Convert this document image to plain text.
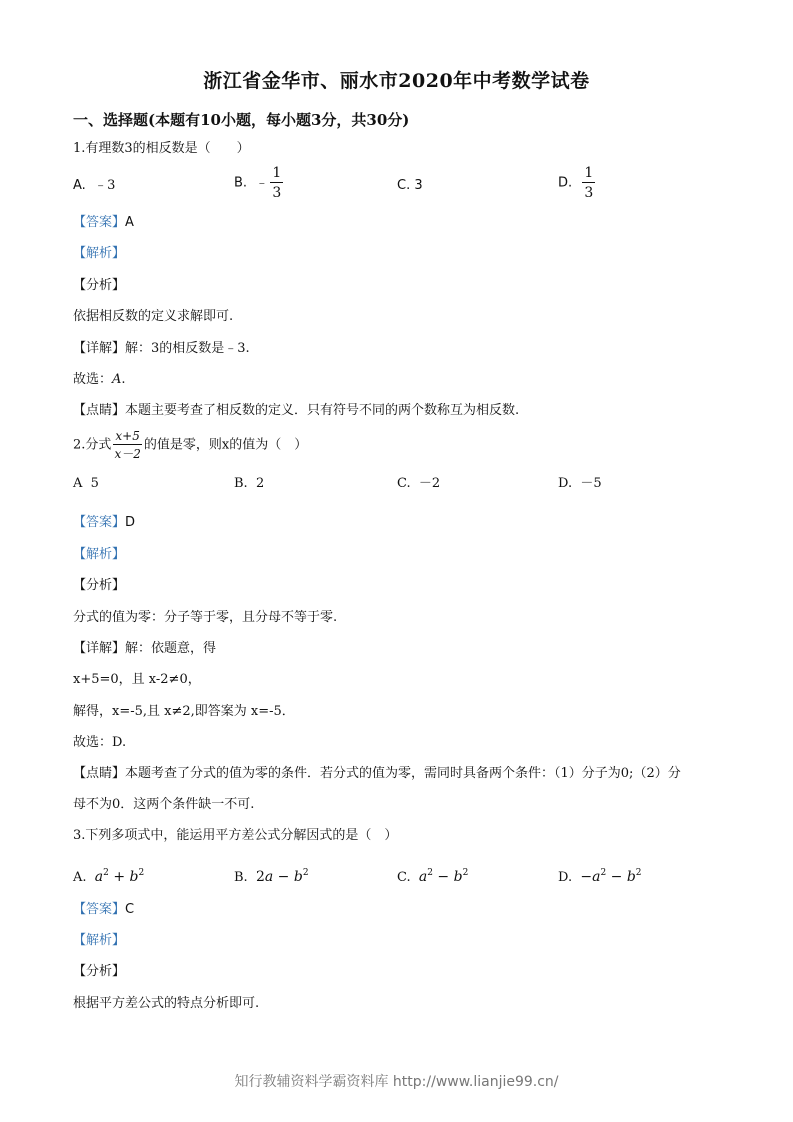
浙江省金华市、丽水市2020年中考数学试卷
一、选择题(本题有10小题，每小题3分，共30分)
1.有理数3的相反数是（　　）
A. ﹣3	B. ﹣ $\frac{1}{3}$	C. 3	D. $\frac{1}{3}$
【答案】A
【解析】
【分析】
依据相反数的定义求解即可.
【详解】解：3的相反数是﹣3.
故选：A.
【点睛】本题主要考查了相反数的定义．只有符号不同的两个数称互为相反数.
2.分式 $\frac{x+5}{x-2}$ 的值是零，则x的值为（　）
A 5	B. 2	C. －2	D. －5
【答案】D
【解析】
【分析】
分式的值为零：分子等于零，且分母不等于零.
【详解】解：依题意，得
x+5=0，且 x-2≠0，
解得，x=-5,且 x≠2,即答案为 x=-5．
故选：D.
【点睛】本题考查了分式的值为零的条件．若分式的值为零，需同时具备两个条件：（1）分子为0;（2）分
母不为0．这两个条件缺一不可.
3.下列多项式中，能运用平方差公式分解因式的是（　）
A. $a^2 + b^2$	B. $2a - b^2$	C. $a^2 - b^2$	D. $-a^2 - b^2$
【答案】C
【解析】
【分析】
根据平方差公式的特点分析即可.
知行教辅资料学霸资料库 http://www.lianjie99.cn/
